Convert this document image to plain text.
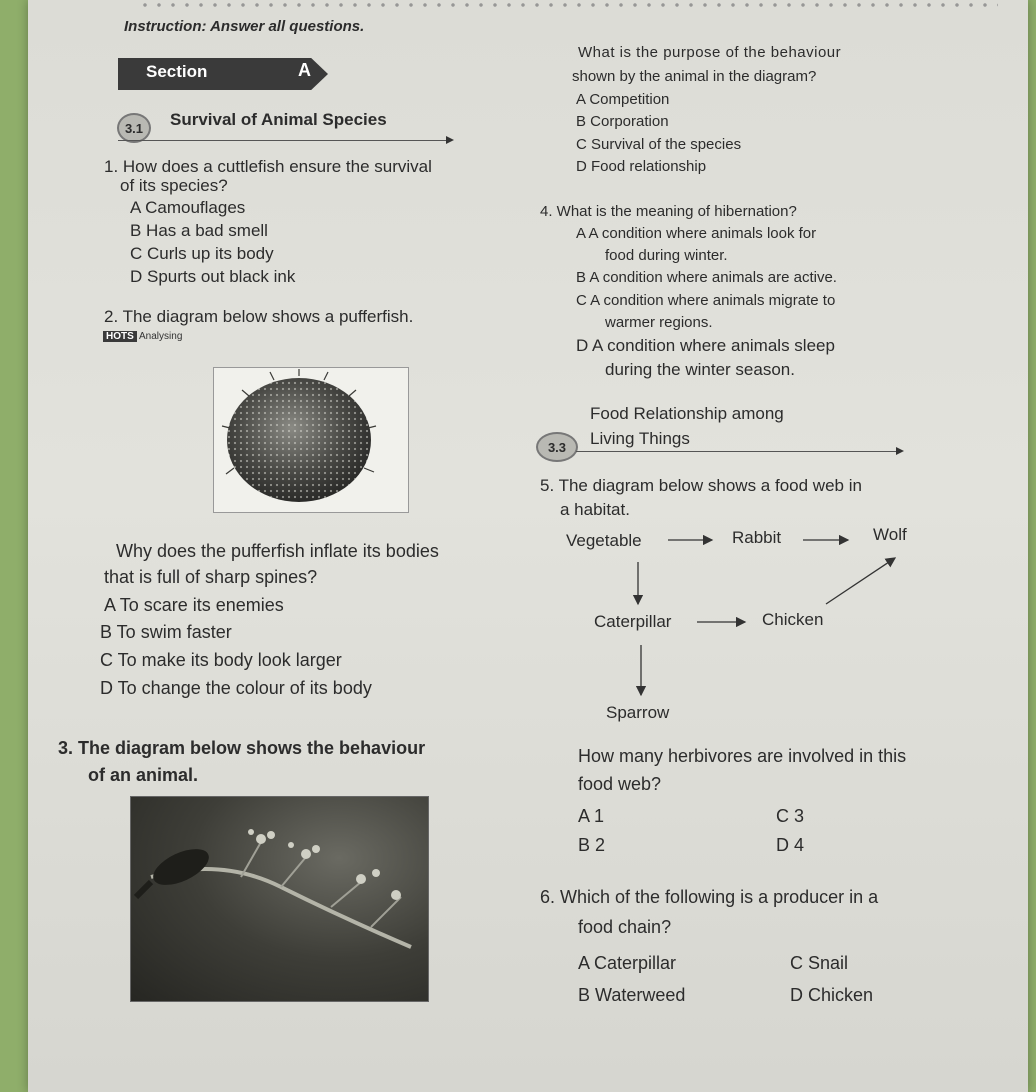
Instruction: Answer all questions.
Section	A
3.1	Survival of Animal Species
1. How does a cuttlefish ensure the survival
of its species?
A Camouflages
B Has a bad smell
C Curls up its body
D Spurts out black ink
2. The diagram below shows a pufferfish.
HOTS Analysing
Why does the pufferfish inflate its bodies
that is full of sharp spines?
A To scare its enemies
B To swim faster
C To make its body look larger
D To change the colour of its body
3. The diagram below shows the behaviour
of an animal.
What is the purpose of the behaviour
shown by the animal in the diagram?
A Competition
B Corporation
C Survival of the species
D Food relationship
4. What is the meaning of hibernation?
A A condition where animals look for
food during winter.
B A condition where animals are active.
C A condition where animals migrate to
warmer regions.
D A condition where animals sleep
during the winter season.
Food Relationship among
3.3	Living Things
5. The diagram below shows a food web in
a habitat.
Vegetable	Rabbit	Wolf
Caterpillar	Chicken
Sparrow
How many herbivores are involved in this
food web?
A 1	C 3
B 2	D 4
6. Which of the following is a producer in a
food chain?
A Caterpillar	C Snail
B Waterweed	D Chicken
